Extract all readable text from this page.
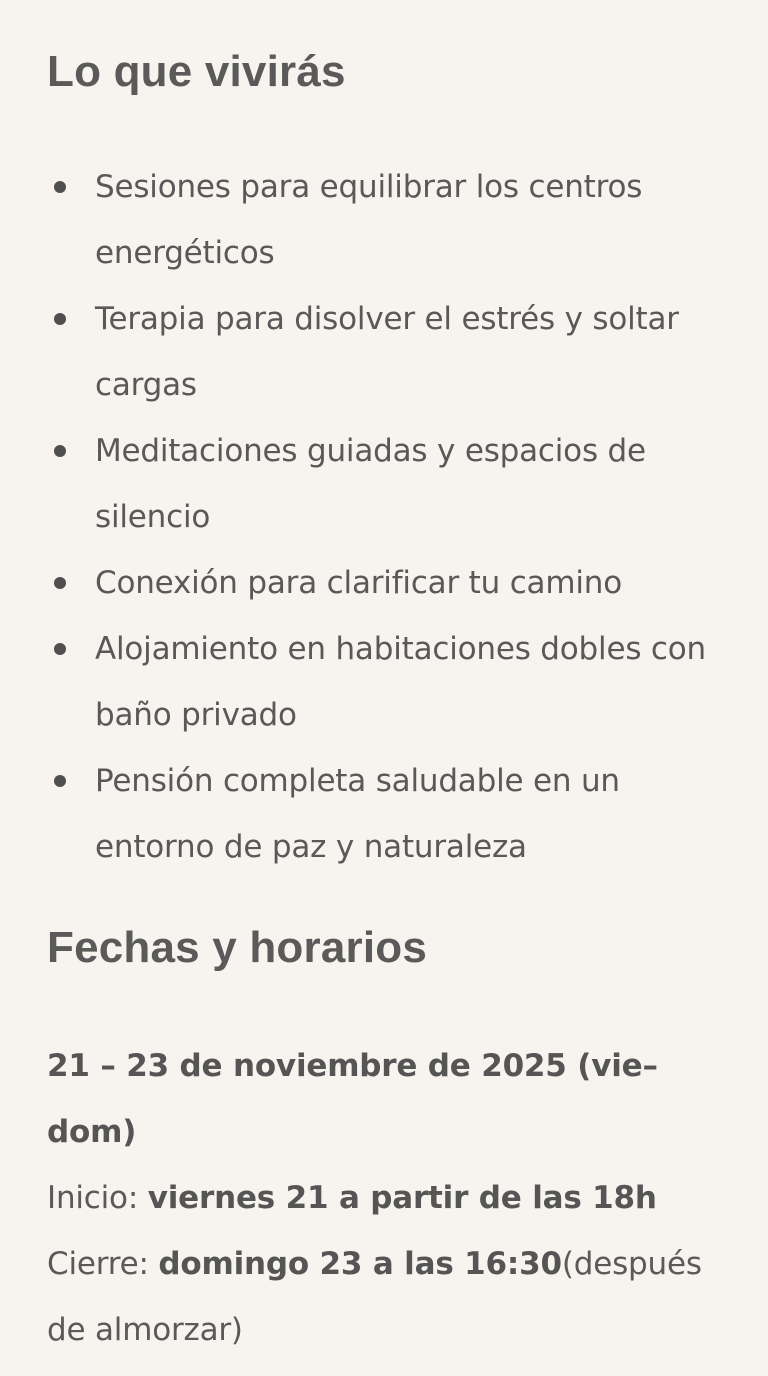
Lo que vivirás
Sesiones para equilibrar los centros energéticos
Terapia para disolver el estrés y soltar cargas
Meditaciones guiadas y espacios de silencio
Conexión para clarificar tu camino
Alojamiento en habitaciones dobles con baño privado
Pensión completa saludable en un entorno de paz y naturaleza
Fechas y horarios

21 – 23 de noviembre de 2025 (vie–dom)

Inicio: viernes 21 a partir de las 18h

Cierre: domingo 23 a las 16:30(después de almorzar)
